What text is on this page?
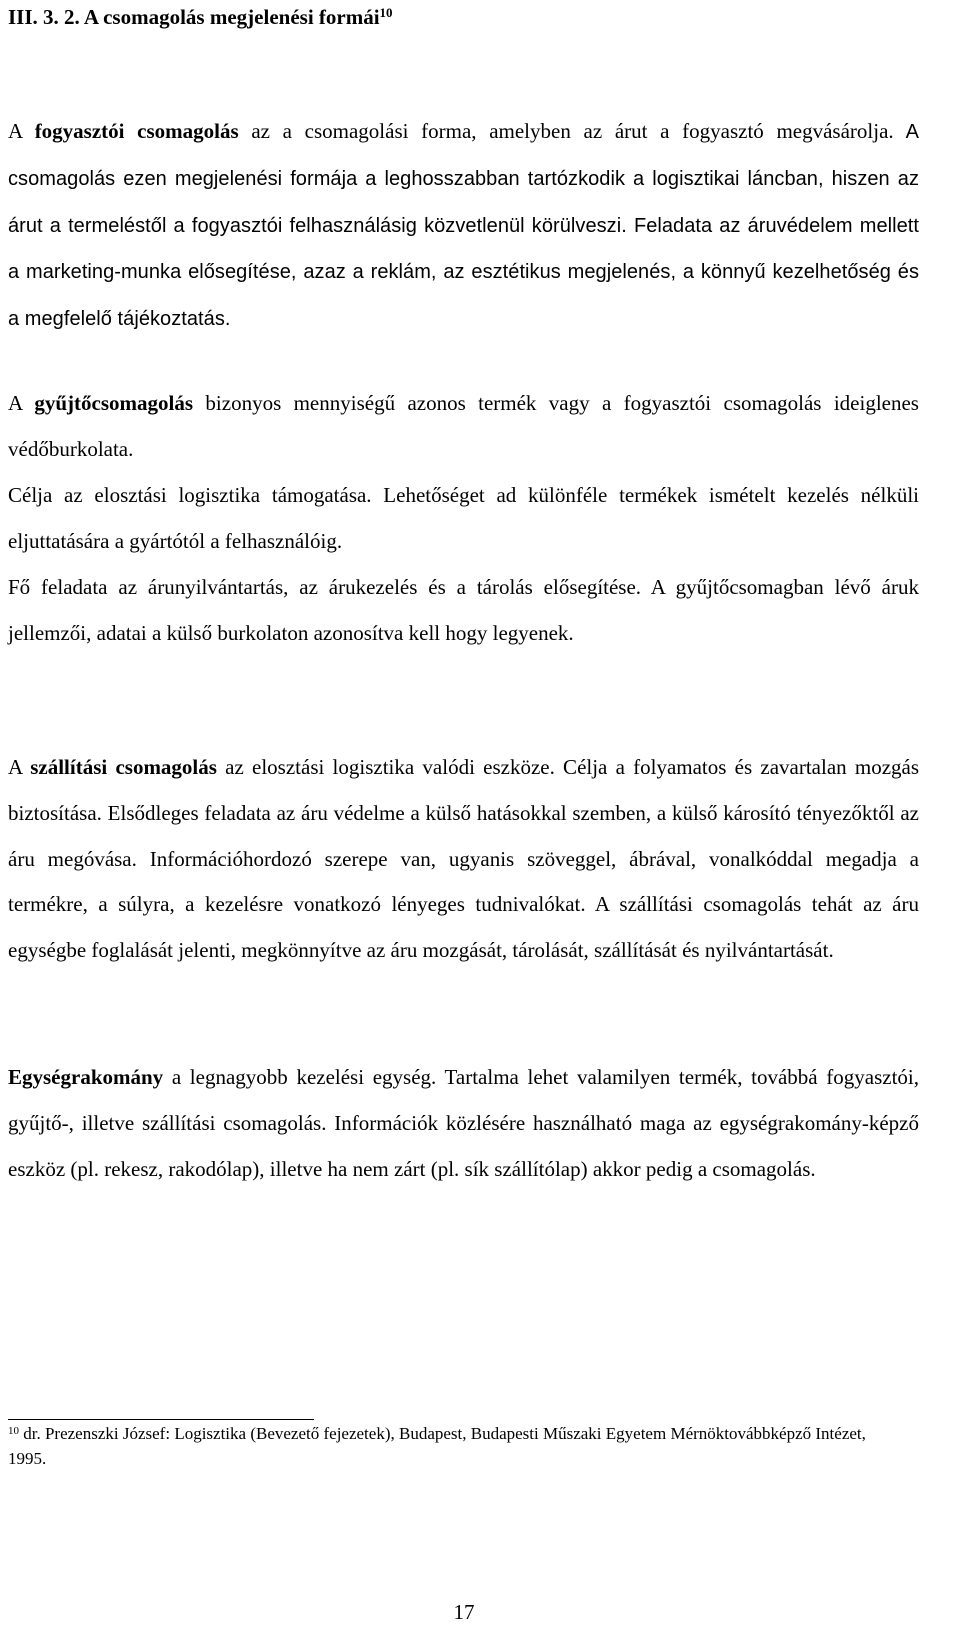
III. 3. 2. A csomagolás megjelenési formái$^{10}$

A fogyasztói csomagolás az a csomagolási forma, amelyben az árut a fogyasztó megvásárolja. A csomagolás ezen megjelenési formája a leghosszabban tartózkodik a logisztikai láncban, hiszen az árut a termeléstől a fogyasztói felhasználásig közvetlenül körülveszi. Feladata az áruvédelem mellett a marketing-munka elősegítése, azaz a reklám, az esztétikus megjelenés, a könnyű kezelhetőség és a megfelelő tájékoztatás.

A gyűjtőcsomagolás bizonyos mennyiségű azonos termék vagy a fogyasztói csomagolás ideiglenes védőburkolata.

Célja az elosztási logisztika támogatása. Lehetőséget ad különféle termékek ismételt kezelés nélküli eljuttatására a gyártótól a felhasználóig.

Fő feladata az árunyilvántartás, az árukezelés és a tárolás elősegítése. A gyűjtőcsomagban lévő áruk jellemzői, adatai a külső burkolaton azonosítva kell hogy legyenek.

A szállítási csomagolás az elosztási logisztika valódi eszköze. Célja a folyamatos és zavartalan mozgás biztosítása. Elsődleges feladata az áru védelme a külső hatásokkal szemben, a külső károsító tényezőktől az áru megóvása. Információhordozó szerepe van, ugyanis szöveggel, ábrával, vonalkóddal megadja a termékre, a súlyra, a kezelésre vonatkozó lényeges tudnivalókat. A szállítási csomagolás tehát az áru egységbe foglalását jelenti, megkönnyítve az áru mozgását, tárolását, szállítását és nyilvántartását.

Egységrakomány a legnagyobb kezelési egység. Tartalma lehet valamilyen termék, továbbá fogyasztói, gyűjtő-, illetve szállítási csomagolás. Információk közlésére használható maga az egységrakomány-képző eszköz (pl. rekesz, rakodólap), illetve ha nem zárt (pl. sík szállítólap) akkor pedig a csomagolás.

$^{10}$ dr. Prezenszki József: Logisztika (Bevezető fejezetek), Budapest, Budapesti Műszaki Egyetem Mérnöktovábbképző Intézet, 1995.

17
